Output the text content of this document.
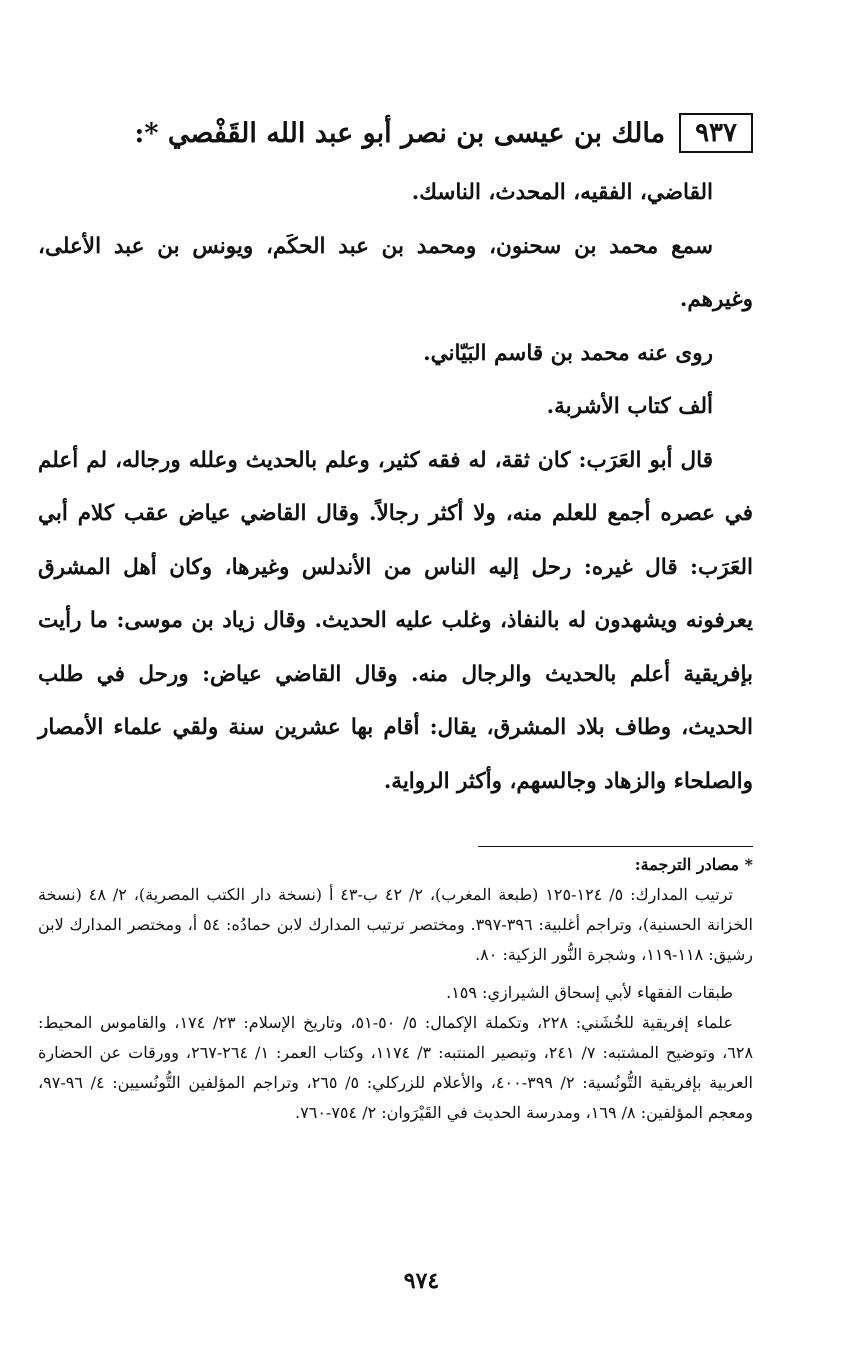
٩٣٧
مالك بن عيسى بن نصر أبو عبد الله القَفْصي *:

القاضي، الفقيه، المحدث، الناسك.

سمع محمد بن سحنون، ومحمد بن عبد الحكَم، ويونس بن عبد الأعلى، وغيرهم.

روى عنه محمد بن قاسم البَيّاني.

ألف كتاب الأشربة.

قال أبو العَرَب: كان ثقة، له فقه كثير، وعلم بالحديث وعلله ورجاله، لم أعلم في عصره أجمع للعلم منه، ولا أكثر رجالاً. وقال القاضي عياض عقب كلام أبي العَرَب: قال غيره: رحل إليه الناس من الأندلس وغيرها، وكان أهل المشرق يعرفونه ويشهدون له بالنفاذ، وغلب عليه الحديث. وقال زياد بن موسى: ما رأيت بإفريقية أعلم بالحديث والرجال منه. وقال القاضي عياض: ورحل في طلب الحديث، وطاف بلاد المشرق، يقال: أقام بها عشرين سنة ولقي علماء الأمصار والصلحاء والزهاد وجالسهم، وأكثر الرواية.

* مصادر الترجمة:

ترتيب المدارك: ٥/ ١٢٤-١٢٥ (طبعة المغرب)، ٢/ ٤٢ ب-٤٣ أ (نسخة دار الكتب المصرية)، ٢/ ٤٨ (نسخة الخزانة الحسنية)، وتراجم أغلبية: ٣٩٦-٣٩٧. ومختصر ترتيب المدارك لابن حمادُه: ٥٤ أ، ومختصر المدارك لابن رشيق: ١١٨-١١٩، وشجرة النُّور الزكية: ٨٠.

طبقات الفقهاء لأبي إسحاق الشيرازي: ١٥٩.

علماء إفريقية للخُشَني: ٢٢٨، وتكملة الإكمال: ٥/ ٥٠-٥١، وتاريخ الإسلام: ٢٣/ ١٧٤، والقاموس المحيط: ٦٢٨، وتوضيح المشتبه: ٧/ ٢٤١، وتبصير المنتبه: ٣/ ١١٧٤، وكتاب العمر: ١/ ٢٦٤-٢٦٧، وورقات عن الحضارة العربية بإفريقية التُّونُسية: ٢/ ٣٩٩-٤٠٠، والأعلام للزركلي: ٥/ ٢٦٥، وتراجم المؤلفين التُّونُسيين: ٤/ ٩٦-٩٧، ومعجم المؤلفين: ٨/ ١٦٩، ومدرسة الحديث في القَيْرَوان: ٢/ ٧٥٤-٧٦٠.

٩٧٤
